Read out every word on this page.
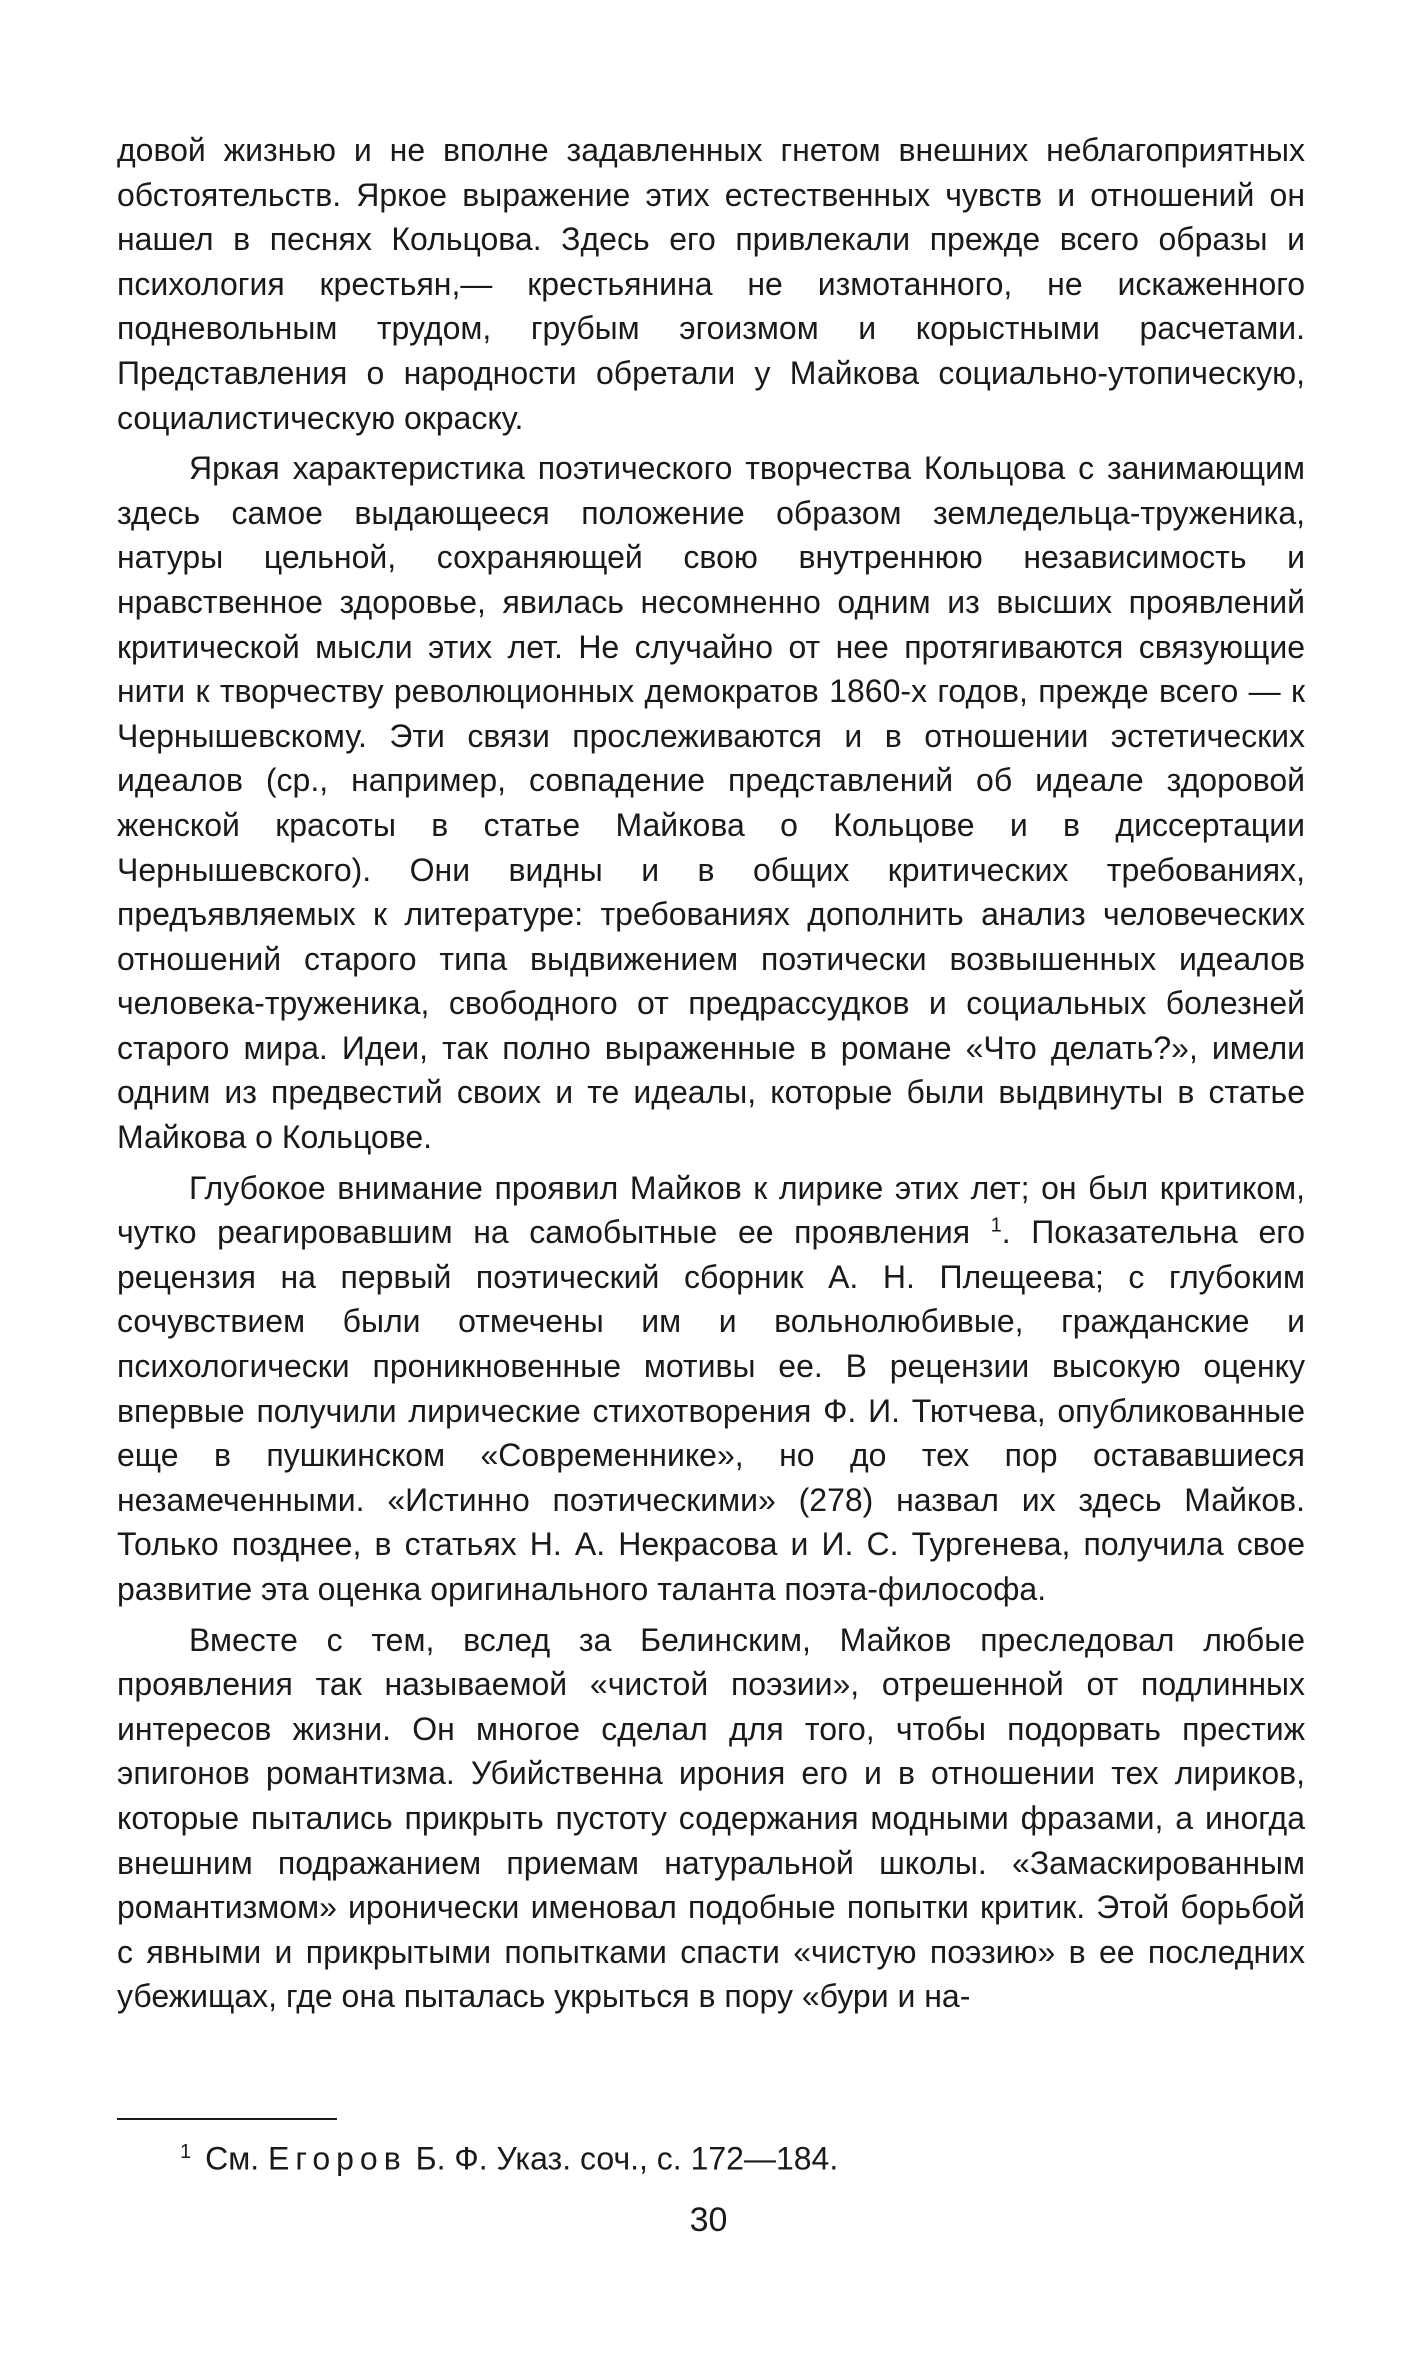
довой жизнью и не вполне задавленных гнетом внешних неблагоприятных обстоятельств. Яркое выражение этих естественных чувств и отношений он нашел в песнях Кольцова. Здесь его привлекали прежде всего образы и психология крестьян,— крестьянина не измотанного, не искаженного подневольным трудом, грубым эгоизмом и корыстными расчетами. Представления о народности обретали у Майкова социально-утопическую, социалистическую окраску.

Яркая характеристика поэтического творчества Кольцова с занимающим здесь самое выдающееся положение образом земледельца-труженика, натуры цельной, сохраняющей свою внутреннюю независимость и нравственное здоровье, явилась несомненно одним из высших проявлений критической мысли этих лет. Не случайно от нее протягиваются связующие нити к творчеству революционных демократов 1860-х годов, прежде всего — к Чернышевскому. Эти связи прослеживаются и в отношении эстетических идеалов (ср., например, совпадение представлений об идеале здоровой женской красоты в статье Майкова о Кольцове и в диссертации Чернышевского). Они видны и в общих критических требованиях, предъявляемых к литературе: требованиях дополнить анализ человеческих отношений старого типа выдвижением поэтически возвышенных идеалов человека-труженика, свободного от предрассудков и социальных болезней старого мира. Идеи, так полно выраженные в романе «Что делать?», имели одним из предвестий своих и те идеалы, которые были выдвинуты в статье Майкова о Кольцове.

Глубокое внимание проявил Майков к лирике этих лет; он был критиком, чутко реагировавшим на самобытные ее проявления $^1$. Показательна его рецензия на первый поэтический сборник А. Н. Плещеева; с глубоким сочувствием были отмечены им и вольнолюбивые, гражданские и психологически проникновенные мотивы ее. В рецензии высокую оценку впервые получили лирические стихотворения Ф. И. Тютчева, опубликованные еще в пушкинском «Современнике», но до тех пор остававшиеся незамеченными. «Истинно поэтическими» (278) назвал их здесь Майков. Только позднее, в статьях Н. А. Некрасова и И. С. Тургенева, получила свое развитие эта оценка оригинального таланта поэта-философа.

Вместе с тем, вслед за Белинским, Майков преследовал любые проявления так называемой «чистой поэзии», отрешенной от подлинных интересов жизни. Он многое сделал для того, чтобы подорвать престиж эпигонов романтизма. Убийственна ирония его и в отношении тех лириков, которые пытались прикрыть пустоту содержания модными фразами, а иногда внешним подражанием приемам натуральной школы. «Замаскированным романтизмом» иронически именовал подобные попытки критик. Этой борьбой с явными и прикрытыми попытками спасти «чистую поэзию» в ее последних убежищах, где она пыталась укрыться в пору «бури и на-

$^1$ См. Егоров Б. Ф. Указ. соч., с. 172—184.

30
